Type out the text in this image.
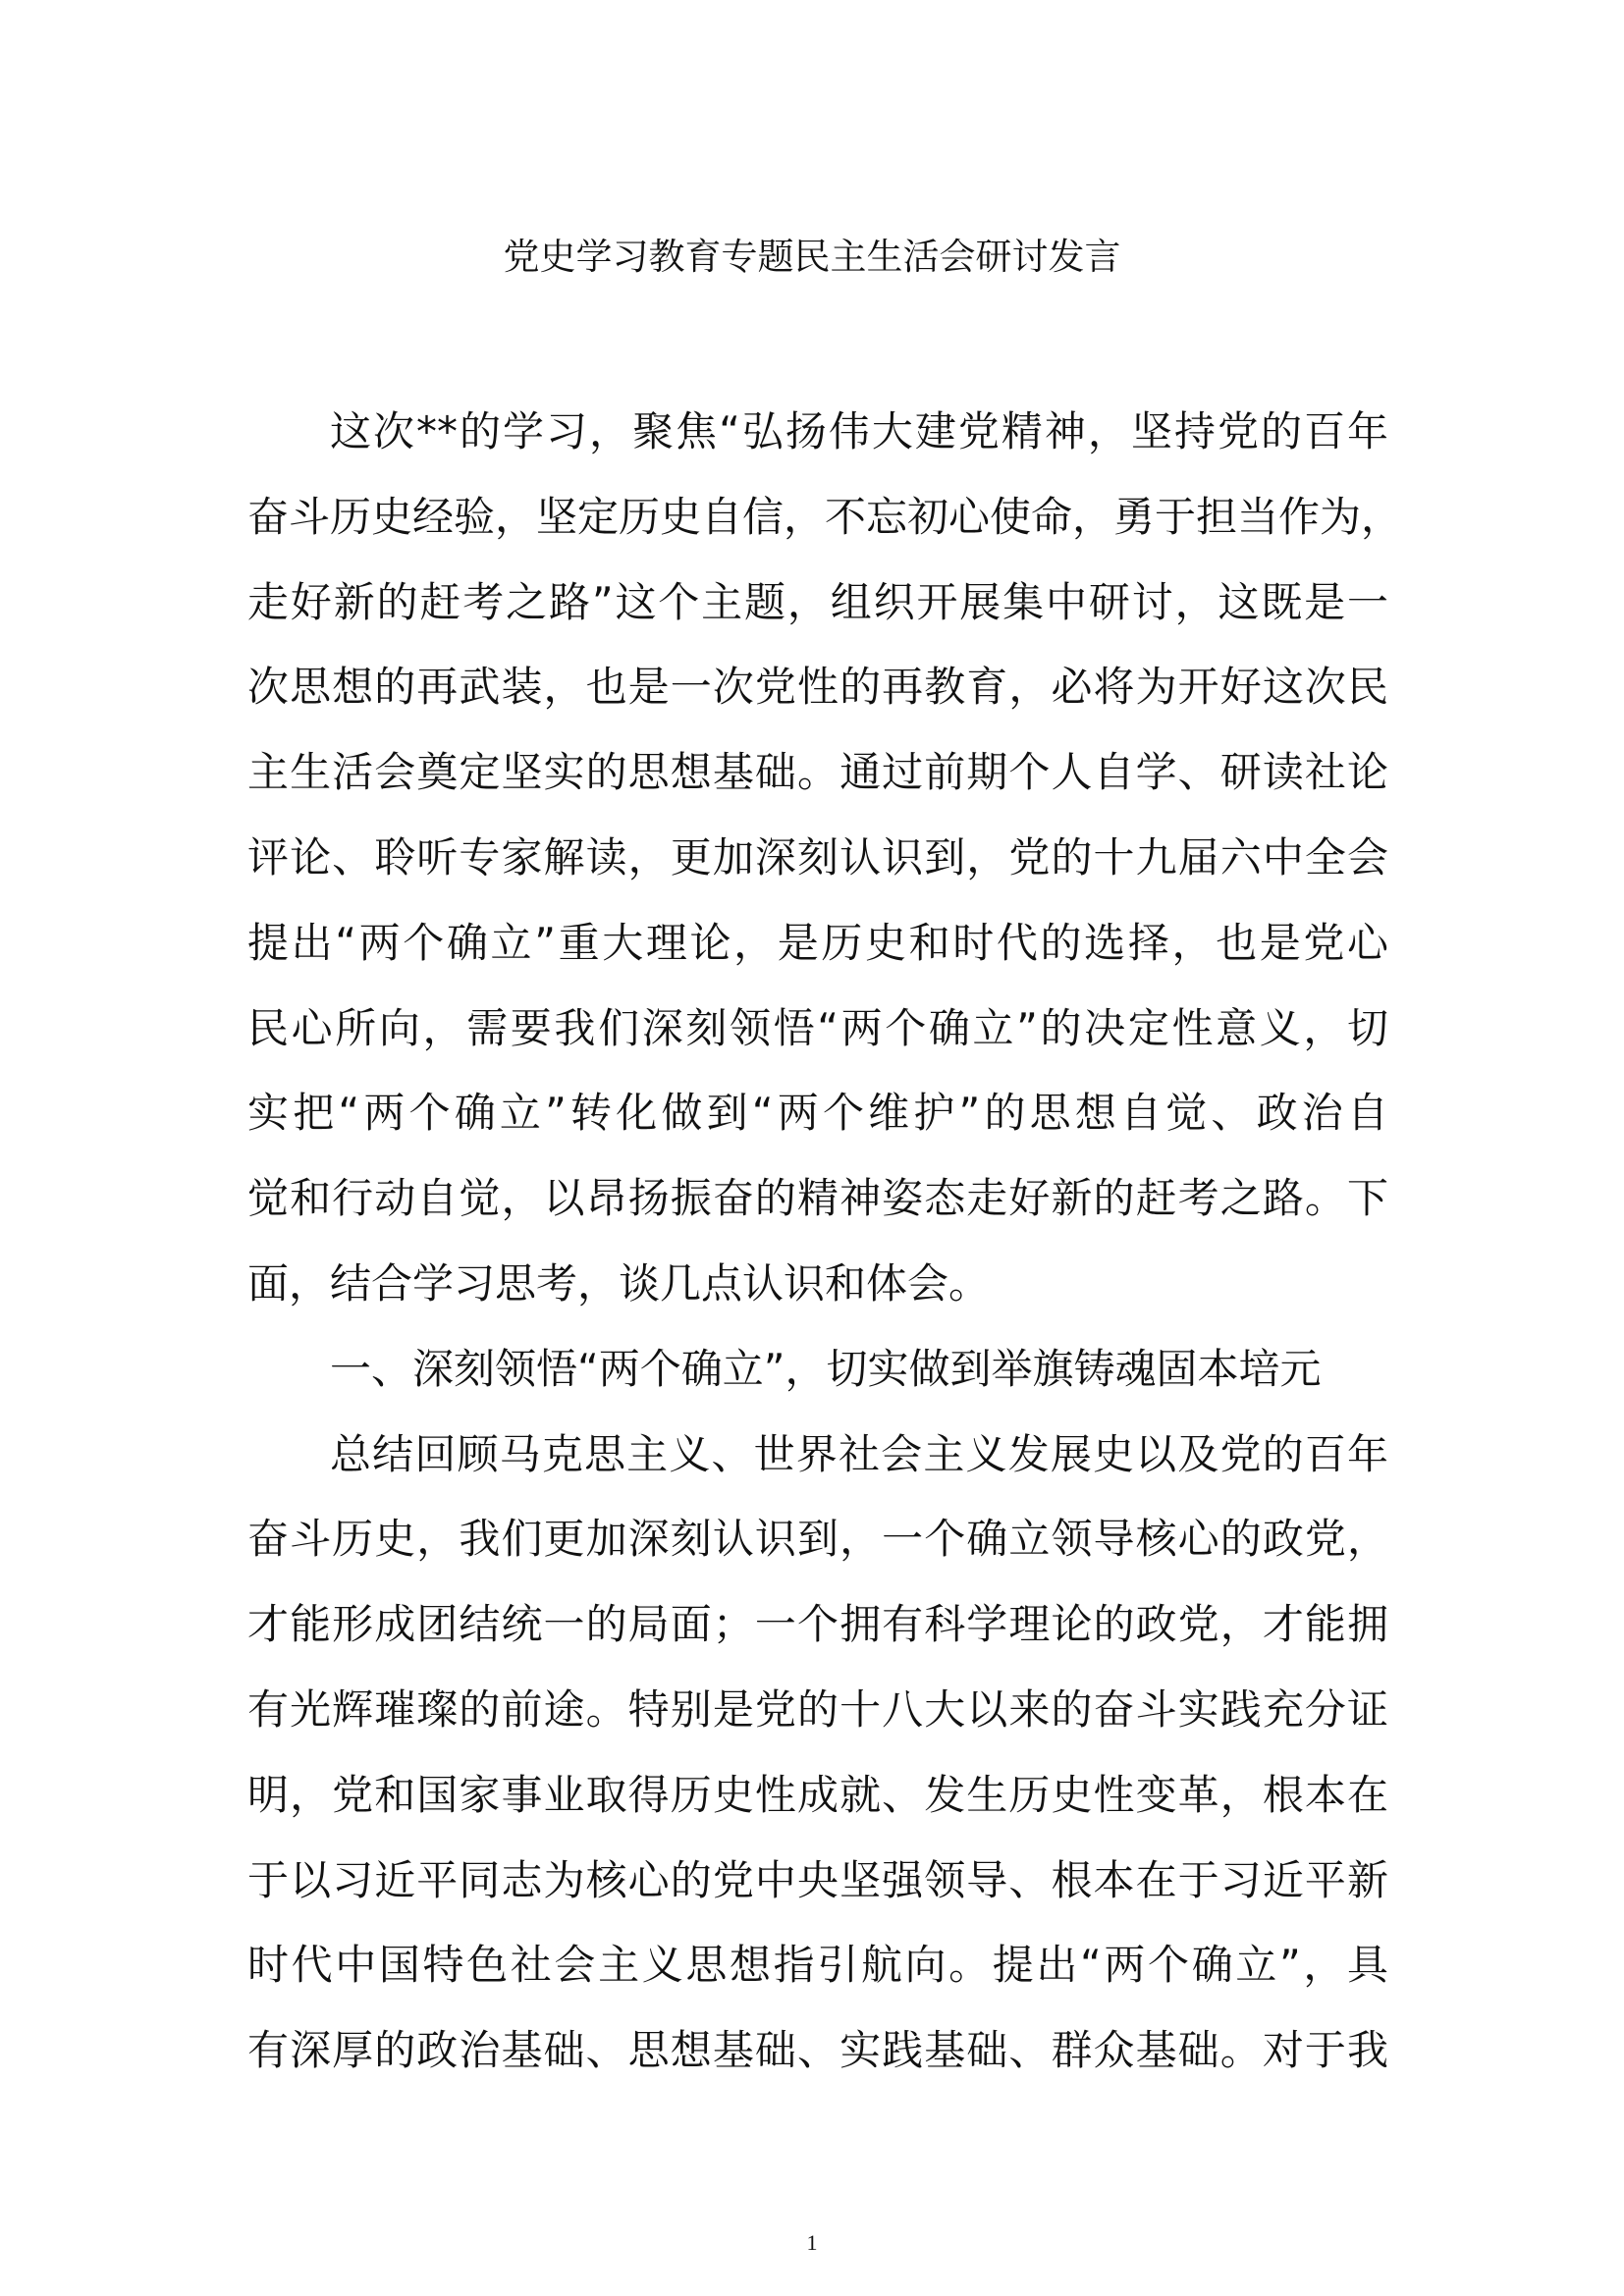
党史学习教育专题民主生活会研讨发言
这次**的学习，聚焦“弘扬伟大建党精神，坚持党的百年
奋斗历史经验，坚定历史自信，不忘初心使命，勇于担当作为，
走好新的赶考之路”这个主题，组织开展集中研讨，这既是一
次思想的再武装，也是一次党性的再教育，必将为开好这次民
主生活会奠定坚实的思想基础。通过前期个人自学、研读社论
评论、聆听专家解读，更加深刻认识到，党的十九届六中全会
提出“两个确立”重大理论，是历史和时代的选择，也是党心
民心所向，需要我们深刻领悟“两个确立”的决定性意义，切
实把“两个确立”转化做到“两个维护”的思想自觉、政治自
觉和行动自觉，以昂扬振奋的精神姿态走好新的赶考之路。下
面，结合学习思考，谈几点认识和体会。
一、深刻领悟“两个确立”，切实做到举旗铸魂固本培元
总结回顾马克思主义、世界社会主义发展史以及党的百年
奋斗历史，我们更加深刻认识到，一个确立领导核心的政党，
才能形成团结统一的局面；一个拥有科学理论的政党，才能拥
有光辉璀璨的前途。特别是党的十八大以来的奋斗实践充分证
明，党和国家事业取得历史性成就、发生历史性变革，根本在
于以习近平同志为核心的党中央坚强领导、根本在于习近平新
时代中国特色社会主义思想指引航向。提出“两个确立”，具
有深厚的政治基础、思想基础、实践基础、群众基础。对于我
1
